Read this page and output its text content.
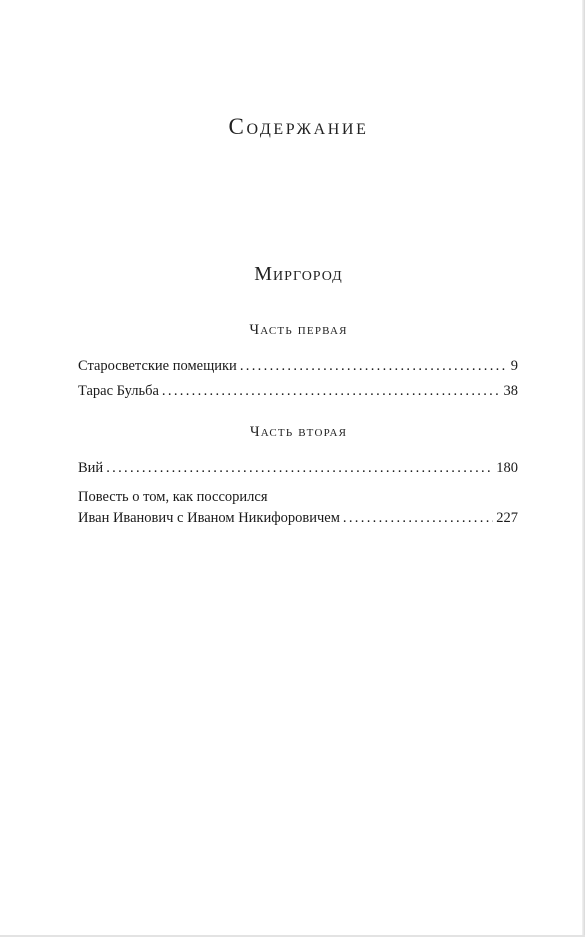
Содержание
Миргород
Часть первая
Старосветские помещики . . .	9
Тарас Бульба . . .	38
Часть вторая
Вий . . .	180
Повесть о том, как поссорился
Иван Иванович с Иваном Никифоровичем . . .	227
